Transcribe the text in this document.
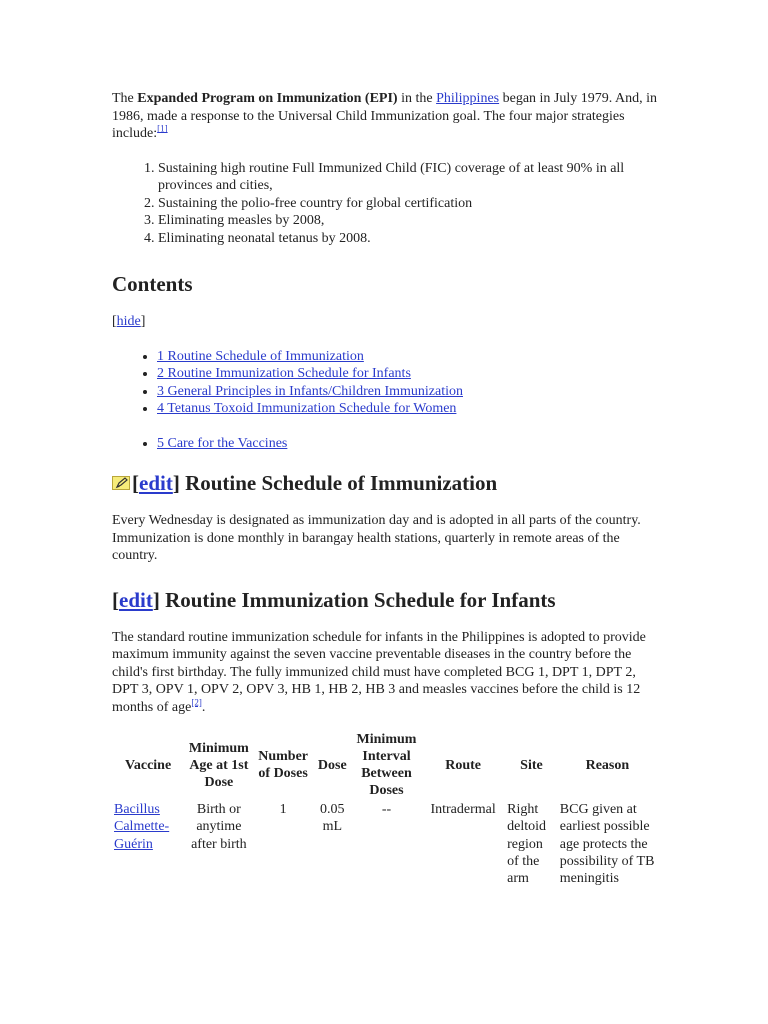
The Expanded Program on Immunization (EPI) in the Philippines began in July 1979. And, in 1986, made a response to the Universal Child Immunization goal. The four major strategies include:[1]

1. Sustaining high routine Full Immunized Child (FIC) coverage of at least 90% in all provinces and cities,
2. Sustaining the polio-free country for global certification
3. Eliminating measles by 2008,
4. Eliminating neonatal tetanus by 2008.
Contents
[hide]
• 1 Routine Schedule of Immunization
• 2 Routine Immunization Schedule for Infants
• 3 General Principles in Infants/Children Immunization
• 4 Tetanus Toxoid Immunization Schedule for Women
• 5 Care for the Vaccines
[ edit ] Routine Schedule of Immunization

Every Wednesday is designated as immunization day and is adopted in all parts of the country. Immunization is done monthly in barangay health stations, quarterly in remote areas of the country.

[ edit ] Routine Immunization Schedule for Infants

The standard routine immunization schedule for infants in the Philippines is adopted to provide maximum immunity against the seven vaccine preventable diseases in the country before the child's first birthday. The fully immunized child must have completed BCG 1, DPT 1, DPT 2, DPT 3, OPV 1, OPV 2, OPV 3, HB 1, HB 2, HB 3 and measles vaccines before the child is 12 months of age[2].

Vaccine	Minimum Age at 1st Dose	Number of Doses	Dose	Minimum Interval Between Doses	Route	Site	Reason
Bacillus Calmette-Guérin	Birth or anytime after birth	1	0.05 mL	--	Intradermal	Right deltoid region of the arm	BCG given at earliest possible age protects the possibility of TB meningitis
